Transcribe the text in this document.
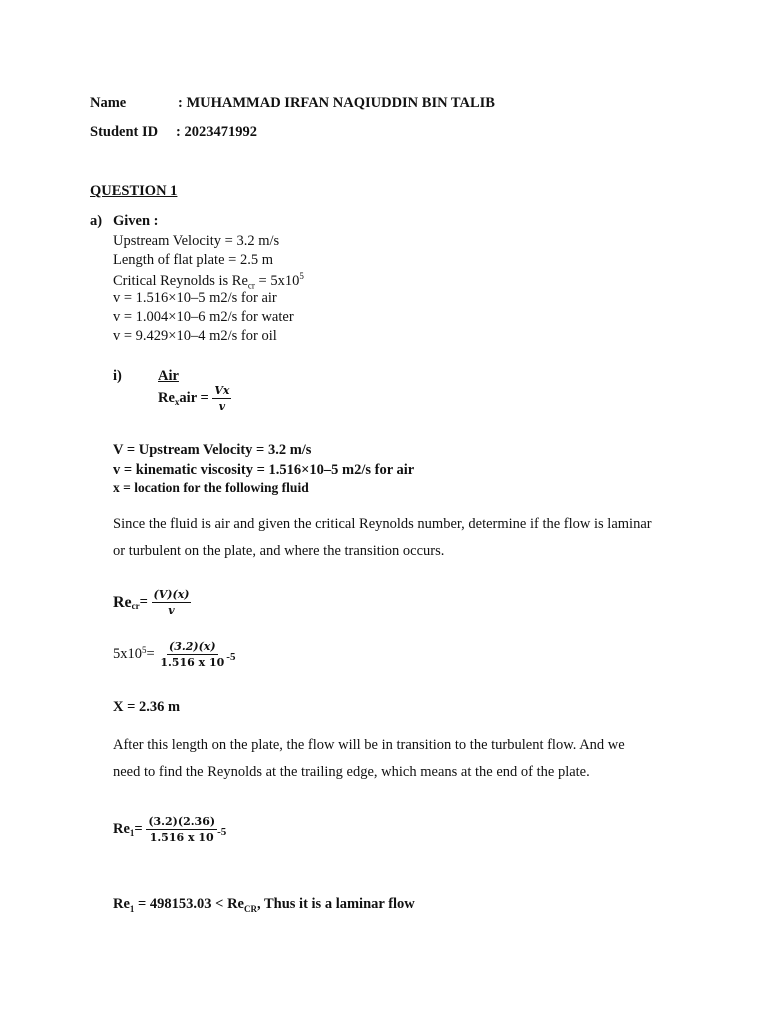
Name	: MUHAMMAD IRFAN NAQIUDDIN BIN TALIB
Student ID : 2023471992
QUESTION 1
a) Given :
Upstream Velocity = 3.2 m/s
Length of flat plate = 2.5 m
Critical Reynolds is $Re_{cr} = 5x10^5$
v = 1.516×10–5 m2/s for air
v = 1.004×10–6 m2/s for water
v = 9.429×10–4 m2/s for oil
i) Air
$Re_x$ air =
$\frac{Vx}{v}$
V = Upstream Velocity = 3.2 m/s
v = kinematic viscosity = 1.516×10–5 m2/s for air
x = location for the following fluid
Since the fluid is air and given the critical Reynolds number, determine if the flow is laminar
or turbulent on the plate, and where the transition occurs.
$Re_{cr}$ =
$\frac{(V)(x)}{v}$
$5x10^5$ =
$\frac{(3.2)(x)}{1.516 x 10} -5$
X = 2.36 m
After this length on the plate, the flow will be in transition to the turbulent flow. And we
need to find the Reynolds at the trailing edge, which means at the end of the plate.
$Re_1$ =
$\frac{(3.2)(2.36)}{1.516 x 10} -5$
$Re_1 = 498153.03 < Re_{CR}$, Thus it is a laminar flow
